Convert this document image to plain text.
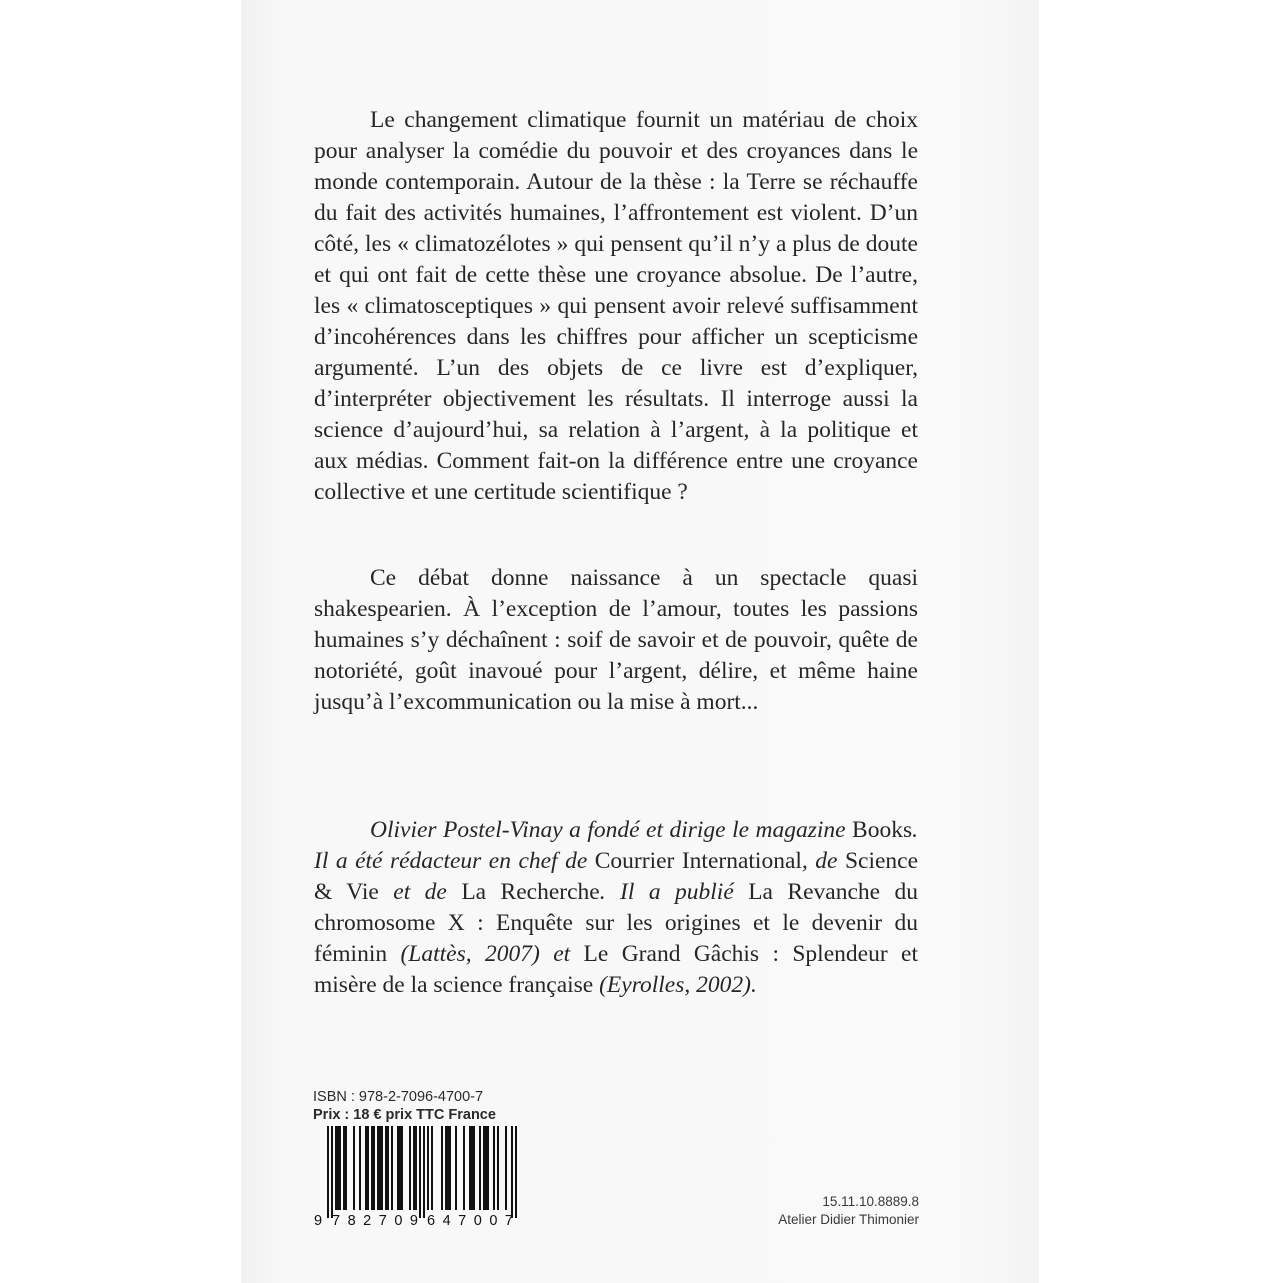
Le changement climatique fournit un matériau de choix pour analyser la comédie du pouvoir et des croyances dans le monde contemporain. Autour de la thèse : la Terre se réchauffe du fait des activités humaines, l’affrontement est violent. D’un côté, les « climatozélotes » qui pensent qu’il n’y a plus de doute et qui ont fait de cette thèse une croyance absolue. De l’autre, les « climatosceptiques » qui pensent avoir relevé suffisamment d’incohérences dans les chiffres pour afficher un scepticisme argumenté. L’un des objets de ce livre est d’expliquer, d’interpréter objectivement les résultats. Il interroge aussi la science d’aujourd’hui, sa relation à l’argent, à la politique et aux médias. Comment fait-on la différence entre une croyance collective et une certitude scientifique ?

Ce débat donne naissance à un spectacle quasi shakespearien. À l’exception de l’amour, toutes les passions humaines s’y déchaînent : soif de savoir et de pouvoir, quête de notoriété, goût inavoué pour l’argent, délire, et même haine jusqu’à l’excommunication ou la mise à mort...

Olivier Postel-Vinay a fondé et dirige le magazine Books. Il a été rédacteur en chef de Courrier International, de Science & Vie et de La Recherche. Il a publié La Revanche du chromosome X : Enquête sur les origines et le devenir du féminin (Lattès, 2007) et Le Grand Gâchis : Splendeur et misère de la science française (Eyrolles, 2002).

ISBN : 978-2-7096-4700-7
Prix : 18 € prix TTC France
9 782709 647007
15.11.10.8889.8
Atelier Didier Thimonier
